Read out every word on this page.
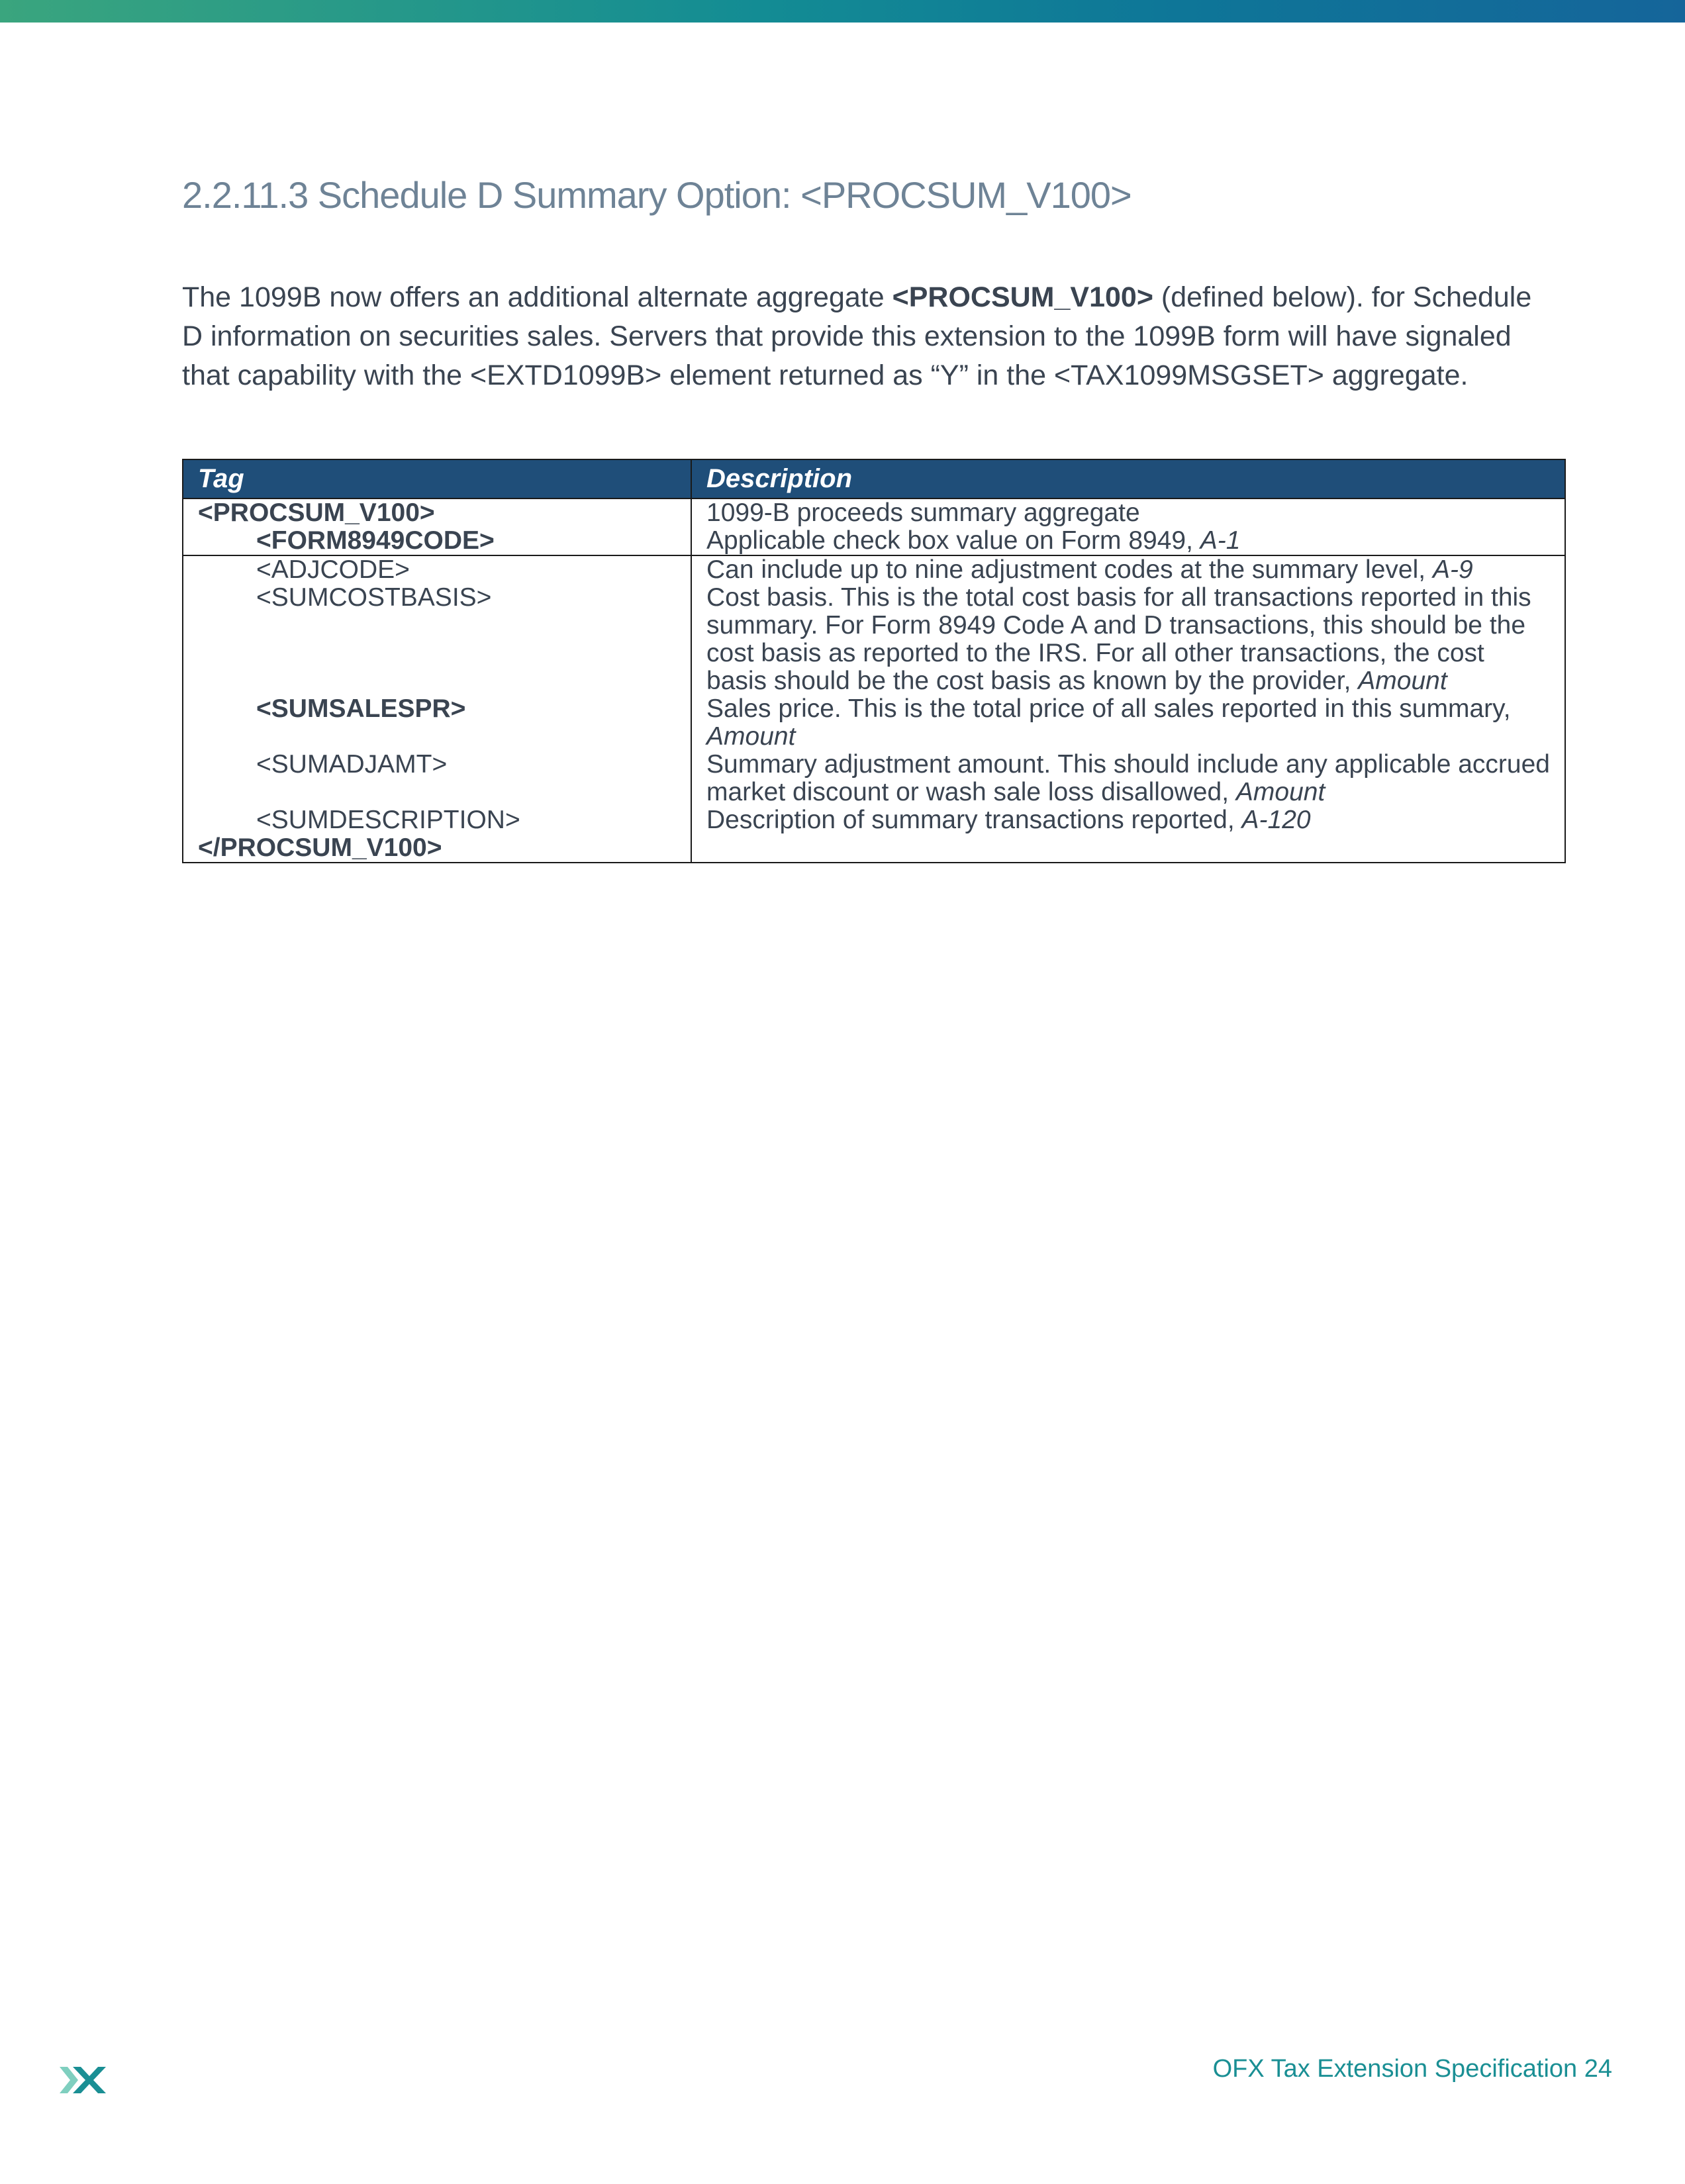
2.2.11.3 Schedule D Summary Option: <PROCSUM_V100>

The 1099B now offers an additional alternate aggregate <PROCSUM_V100> (defined below). for Schedule D information on securities sales. Servers that provide this extension to the 1099B form will have signaled that capability with the <EXTD1099B> element returned as “Y” in the <TAX1099MSGSET> aggregate.

Tag	Description
<PROCSUM_V100>	1099-B proceeds summary aggregate
<FORM8949CODE>	Applicable check box value on Form 8949, A-1
<ADJCODE>	Can include up to nine adjustment codes at the summary level, A-9
<SUMCOSTBASIS>	Cost basis. This is the total cost basis for all transactions reported in this summary. For Form 8949 Code A and D transactions, this should be the cost basis as reported to the IRS. For all other transactions, the cost basis should be the cost basis as known by the provider, Amount
<SUMSALESPR>	Sales price. This is the total price of all sales reported in this summary, Amount
<SUMADJAMT>	Summary adjustment amount. This should include any applicable accrued market discount or wash sale loss disallowed, Amount
<SUMDESCRIPTION>	Description of summary transactions reported, A-120
</PROCSUM_V100>	

OFX Tax Extension Specification 24
